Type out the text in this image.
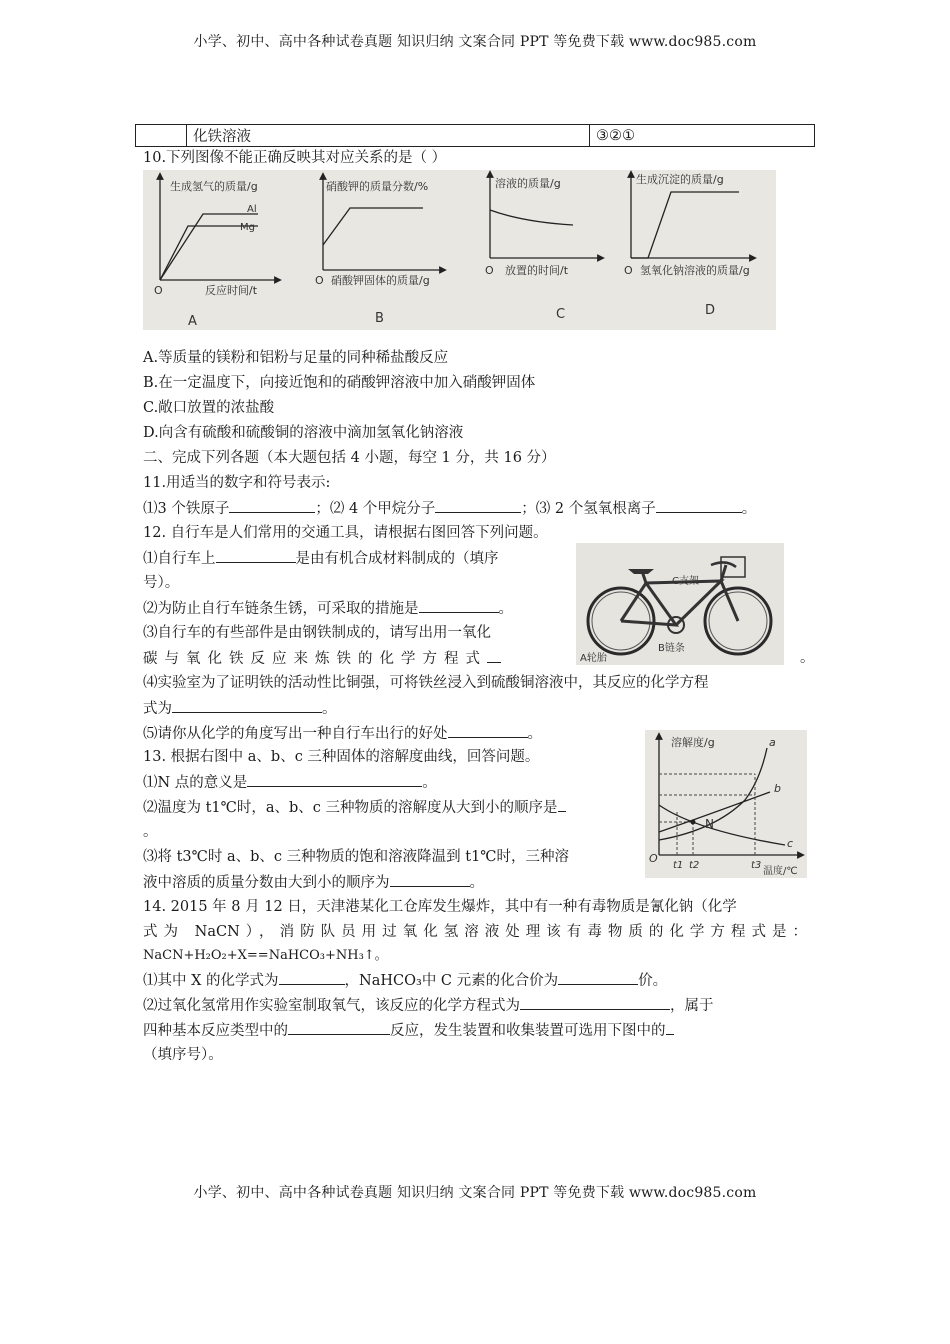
小学、初中、高中各种试卷真题 知识归纳 文案合同 PPT 等免费下载 www.doc985.com
	化铁溶液	③②①
10.下列图像不能正确反映其对应关系的是（ ）
生成氢气的质量/g
Al
Mg
O	反应时间/t
A
硝酸钾的质量分数/%
O 硝酸钾固体的质量/g
B
溶液的质量/g
O 放置的时间/t
C
生成沉淀的质量/g
O 氢氧化钠溶液的质量/g
D
A.等质量的镁粉和铝粉与足量的同种稀盐酸反应
B.在一定温度下，向接近饱和的硝酸钾溶液中加入硝酸钾固体
C.敞口放置的浓盐酸
D.向含有硫酸和硫酸铜的溶液中滴加氢氧化钠溶液
二、完成下列各题（本大题包括 4 小题，每空 1 分，共 16 分）
11.用适当的数字和符号表示:
⑴3 个铁原子	；⑵ 4 个甲烷分子	；⑶ 2 个氢氧根离子	。
12. 自行车是人们常用的交通工具，请根据右图回答下列问题。
⑴自行车上	是由有机合成材料制成的（填序
号）。
⑵为防止自行车链条生锈，可采取的措施是	。
⑶自行车的有些部件是由钢铁制成的，请写出用一氧化
碳与氧化铁反应来炼铁的化学方程式	。
C支架
B链条
A轮胎
⑷实验室为了证明铁的活动性比铜强，可将铁丝浸入到硫酸铜溶液中，其反应的化学方程
式为	。
⑸请你从化学的角度写出一种自行车出行的好处	。
13. 根据右图中 a、b、c 三种固体的溶解度曲线，回答问题。
⑴N 点的意义是	。
⑵温度为 t1℃时，a、b、c 三种物质的溶解度从大到小的顺序是
。
⑶将 t3℃时 a、b、c 三种物质的饱和溶液降温到 t1℃时，三种溶
液中溶质的质量分数由大到小的顺序为	。
溶解度/g	a
b
c
N
O
t1 t2	t3
温度/℃
14. 2015 年 8 月 12 日，天津港某化工仓库发生爆炸，其中有一种有毒物质是氰化钠（化学
式为 NaCN），消防队员用过氧化氢溶液处理该有毒物质的化学方程式是：
NaCN+H₂O₂+X==NaHCO₃+NH₃↑。
⑴其中 X 的化学式为	，NaHCO₃中 C 元素的化合价为	价。
⑵过氧化氢常用作实验室制取氧气，该反应的化学方程式为	，属于
四种基本反应类型中的	反应，发生装置和收集装置可选用下图中的
（填序号）。
小学、初中、高中各种试卷真题 知识归纳 文案合同 PPT 等免费下载 www.doc985.com
